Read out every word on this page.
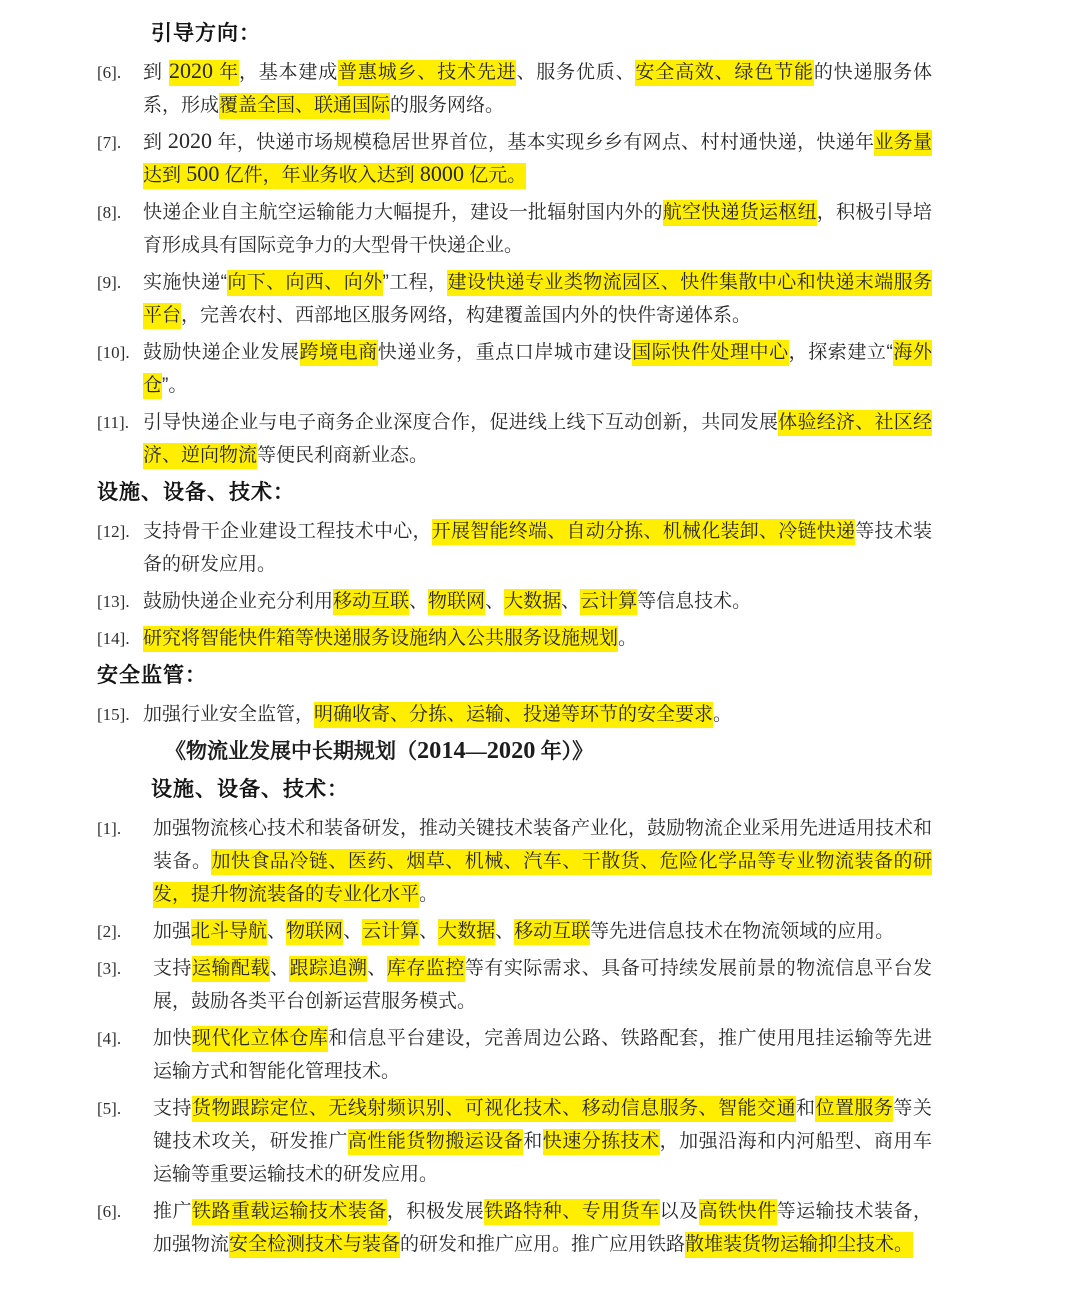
引导方向：
[6].	到 2020 年，基本建成普惠城乡、技术先进、服务优质、安全高效、绿色节能的快递服务体系，形成覆盖全国、联通国际的服务网络。
[7].	到 2020 年，快递市场规模稳居世界首位，基本实现乡乡有网点、村村通快递，快递年业务量达到 500 亿件，年业务收入达到 8000 亿元。
[8].	快递企业自主航空运输能力大幅提升，建设一批辐射国内外的航空快递货运枢纽，积极引导培育形成具有国际竞争力的大型骨干快递企业。
[9].	实施快递“向下、向西、向外”工程，建设快递专业类物流园区、快件集散中心和快递末端服务平台，完善农村、西部地区服务网络，构建覆盖国内外的快件寄递体系。
[10]. 鼓励快递企业发展跨境电商快递业务，重点口岸城市建设国际快件处理中心，探索建立“海外仓”。
[11]. 引导快递企业与电子商务企业深度合作，促进线上线下互动创新，共同发展体验经济、社区经济、逆向物流等便民利商新业态。
设施、设备、技术：
[12]. 支持骨干企业建设工程技术中心，开展智能终端、自动分拣、机械化装卸、冷链快递等技术装备的研发应用。
[13]. 鼓励快递企业充分利用移动互联、物联网、大数据、云计算等信息技术。
[14]. 研究将智能快件箱等快递服务设施纳入公共服务设施规划。
安全监管：
[15]. 加强行业安全监管，明确收寄、分拣、运输、投递等环节的安全要求。
《物流业发展中长期规划（2014—2020 年）》
设施、设备、技术：
[1].	加强物流核心技术和装备研发，推动关键技术装备产业化，鼓励物流企业采用先进适用技术和装备。加快食品冷链、医药、烟草、机械、汽车、干散货、危险化学品等专业物流装备的研发，提升物流装备的专业化水平。
[2].	加强北斗导航、物联网、云计算、大数据、移动互联等先进信息技术在物流领域的应用。
[3].	支持运输配载、跟踪追溯、库存监控等有实际需求、具备可持续发展前景的物流信息平台发展，鼓励各类平台创新运营服务模式。
[4].	加快现代化立体仓库和信息平台建设，完善周边公路、铁路配套，推广使用甩挂运输等先进运输方式和智能化管理技术。
[5].	支持货物跟踪定位、无线射频识别、可视化技术、移动信息服务、智能交通和位置服务等关键技术攻关，研发推广高性能货物搬运设备和快速分拣技术，加强沿海和内河船型、商用车运输等重要运输技术的研发应用。
[6].	推广铁路重载运输技术装备，积极发展铁路特种、专用货车以及高铁快件等运输技术装备，加强物流安全检测技术与装备的研发和推广应用。推广应用铁路散堆装货物运输抑尘技术。
